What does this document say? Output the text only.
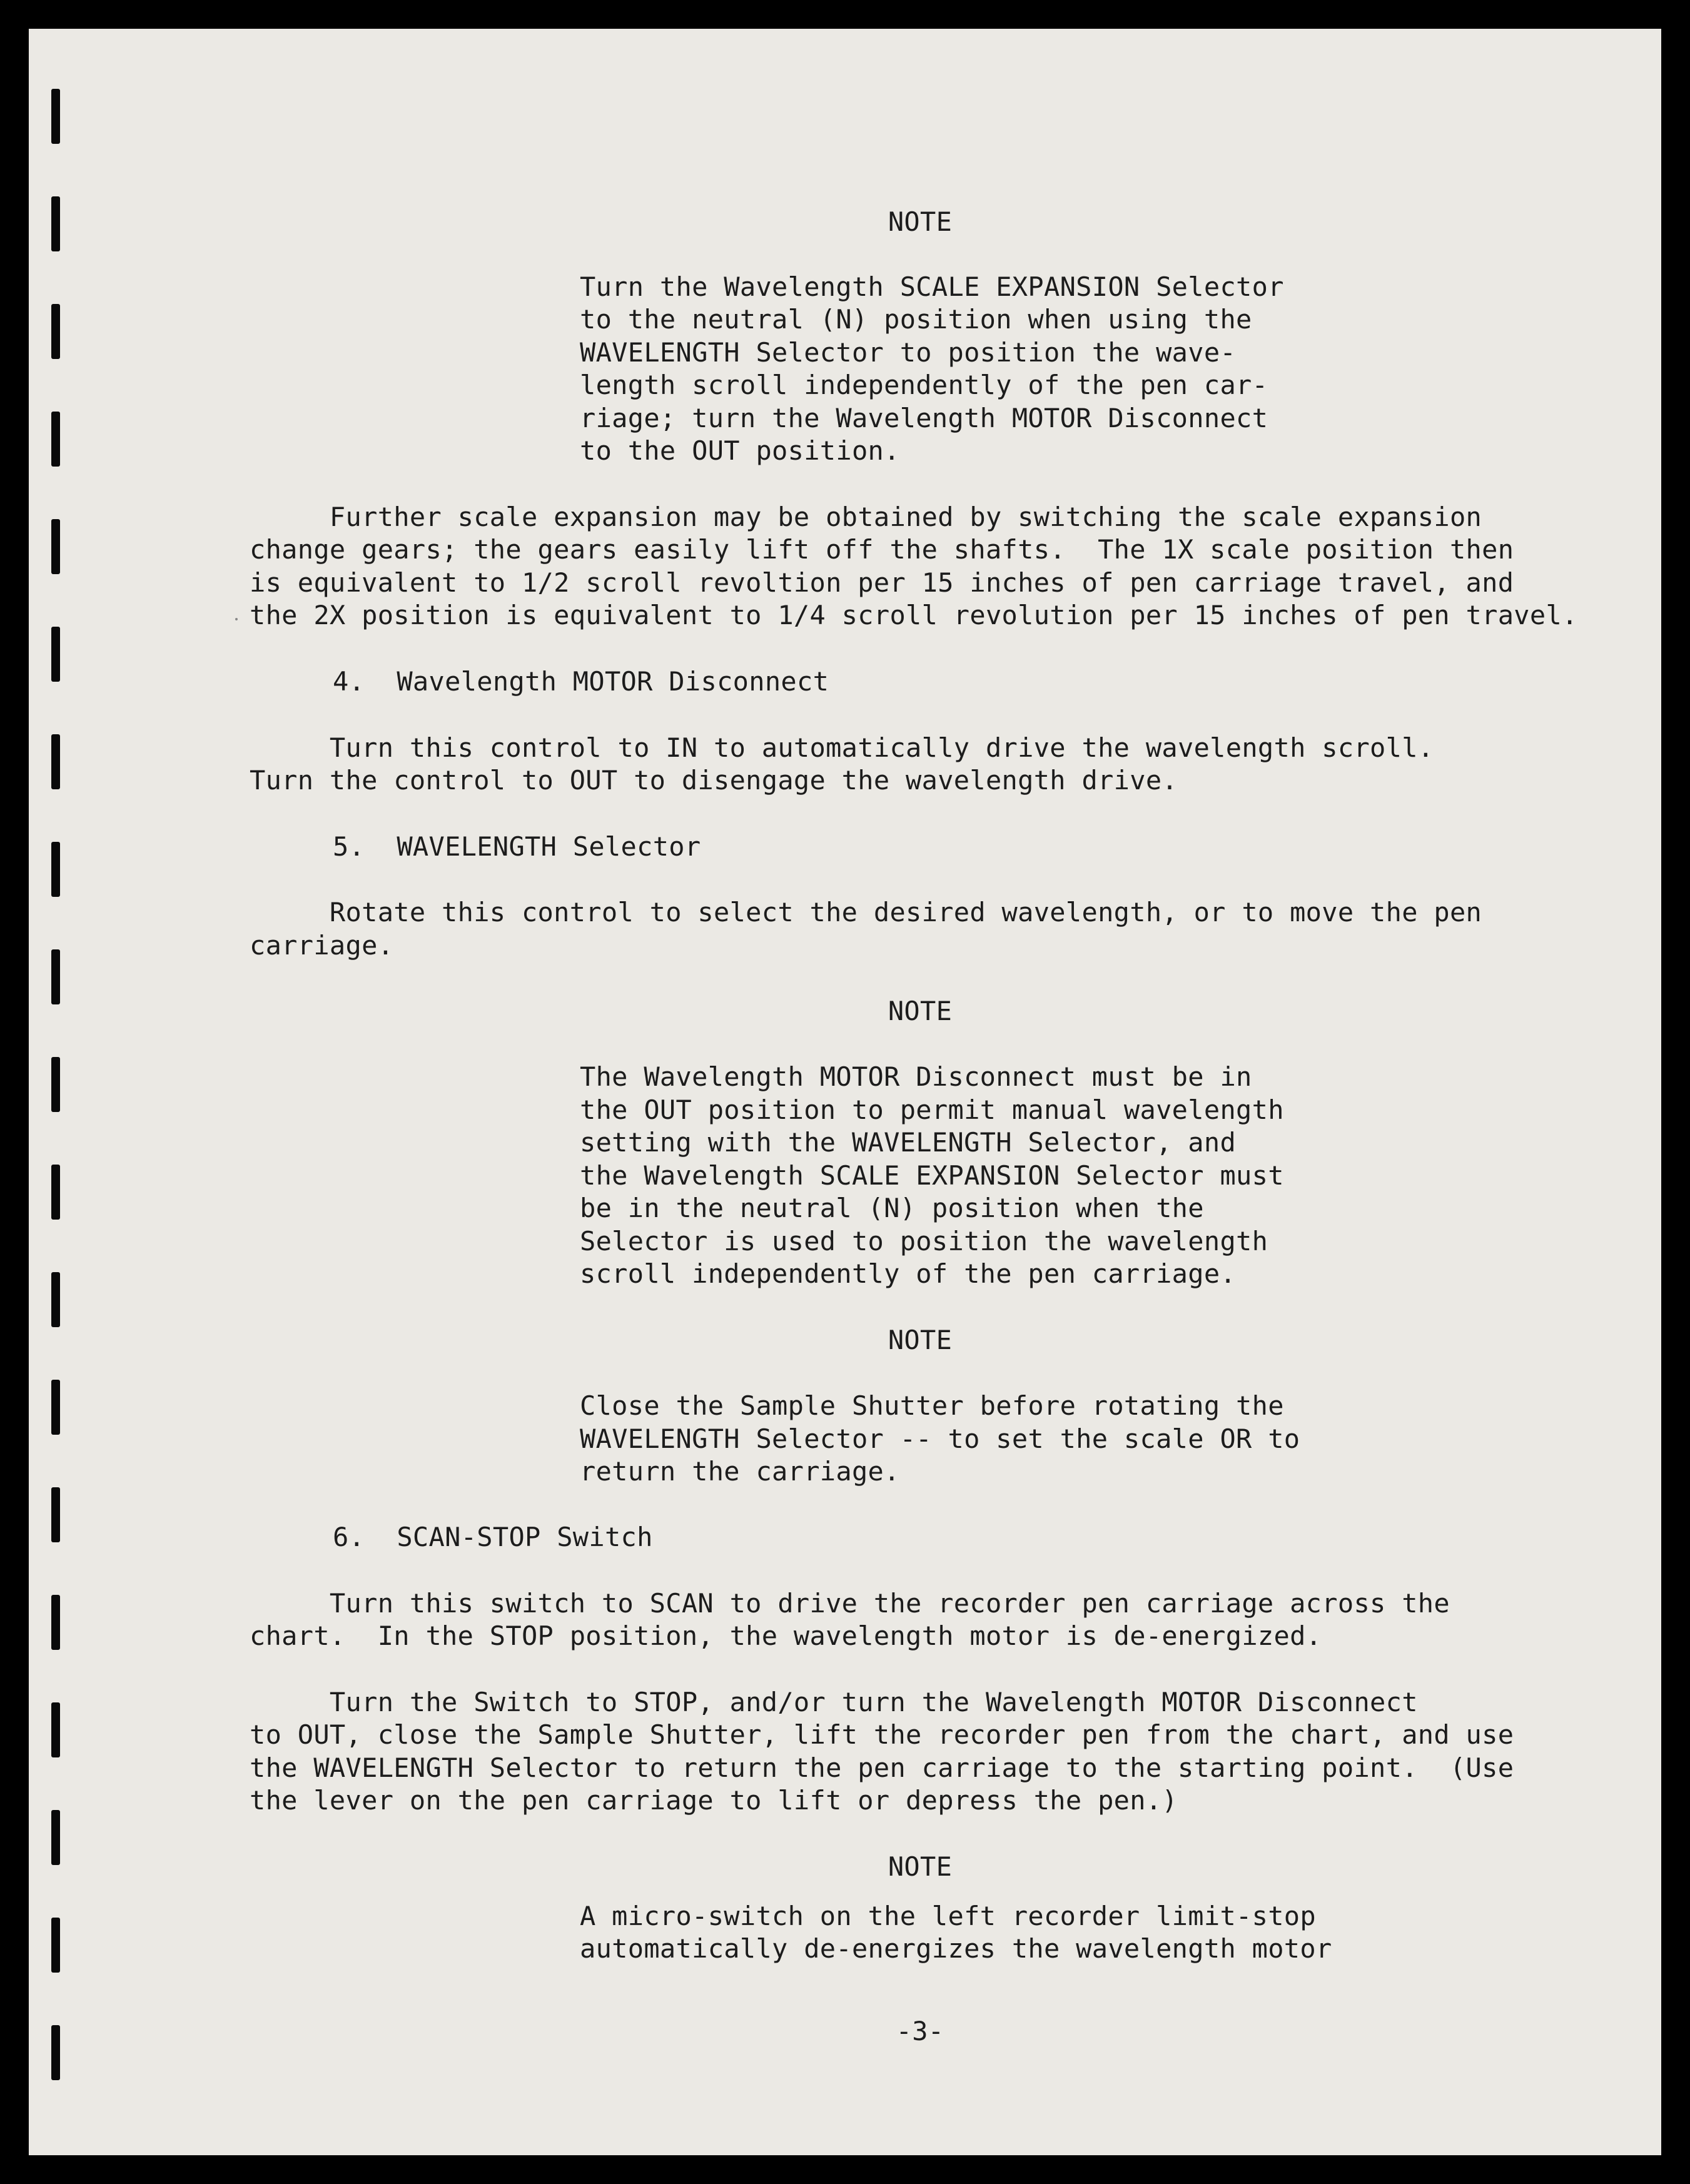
NOTE
Turn the Wavelength SCALE EXPANSION Selector
to the neutral (N) position when using the
WAVELENGTH Selector to position the wave-
length scroll independently of the pen car-
riage; turn the Wavelength MOTOR Disconnect
to the OUT position.
Further scale expansion may be obtained by switching the scale expansion
change gears; the gears easily lift off the shafts.  The 1X scale position then
is equivalent to 1/2 scroll revoltion per 15 inches of pen carriage travel, and
the 2X position is equivalent to 1/4 scroll revolution per 15 inches of pen travel.
4.  Wavelength MOTOR Disconnect
Turn this control to IN to automatically drive the wavelength scroll.
Turn the control to OUT to disengage the wavelength drive.
5.  WAVELENGTH Selector
Rotate this control to select the desired wavelength, or to move the pen
carriage.
NOTE
The Wavelength MOTOR Disconnect must be in
the OUT position to permit manual wavelength
setting with the WAVELENGTH Selector, and
the Wavelength SCALE EXPANSION Selector must
be in the neutral (N) position when the
Selector is used to position the wavelength
scroll independently of the pen carriage.
NOTE
Close the Sample Shutter before rotating the
WAVELENGTH Selector -- to set the scale OR to
return the carriage.
6.  SCAN-STOP Switch
Turn this switch to SCAN to drive the recorder pen carriage across the
chart.  In the STOP position, the wavelength motor is de-energized.
Turn the Switch to STOP, and/or turn the Wavelength MOTOR Disconnect
to OUT, close the Sample Shutter, lift the recorder pen from the chart, and use
the WAVELENGTH Selector to return the pen carriage to the starting point.  (Use
the lever on the pen carriage to lift or depress the pen.)
NOTE
A micro-switch on the left recorder limit-stop
automatically de-energizes the wavelength motor
-3-
